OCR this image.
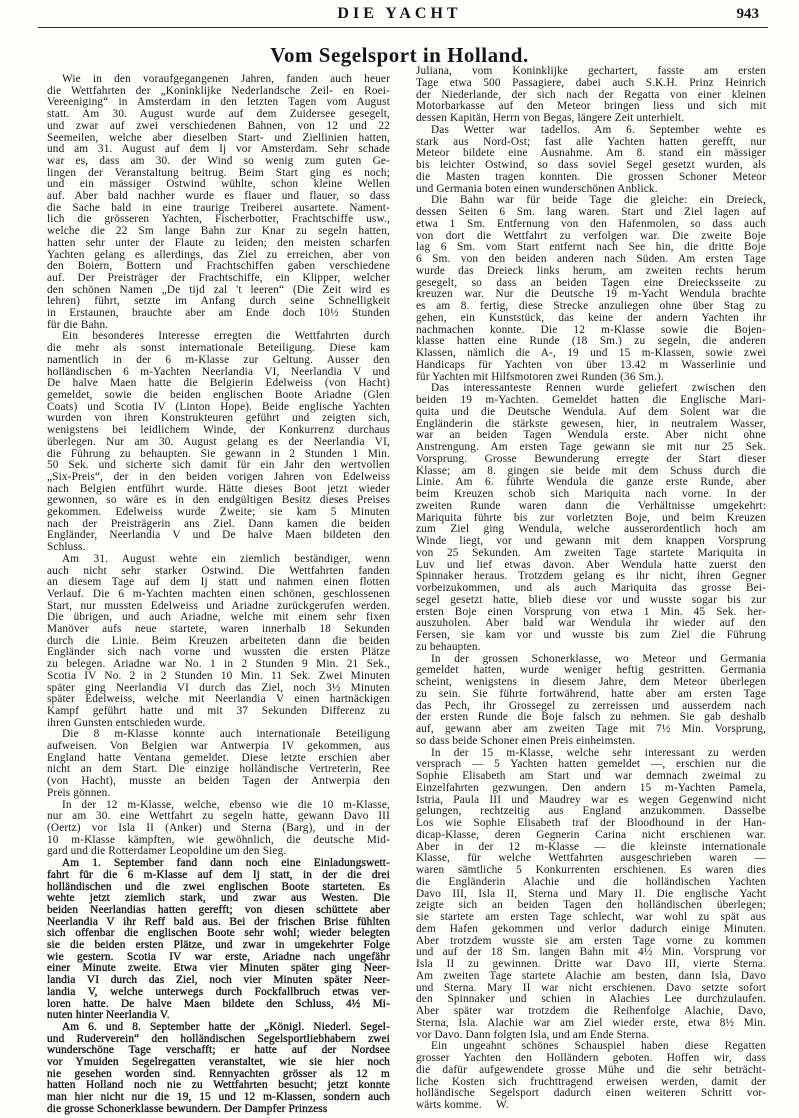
DIE YACHT	943
Vom Segelsport in Holland.
Wie in den voraufgegangenen Jahren, fanden auch heuer
die Wettfahrten der „Koninklijke Nederlandsche Zeil- en Roei-
Vereeniging“ in Amsterdam in den letzten Tagen vom August
statt. Am 30. August wurde auf dem Zuidersee gesegelt,
und zwar auf zwei verschiedenen Bahnen, von 12 und 22
Seemeilen, welche aber dieselben Start- und Ziellinien hatten,
und am 31. August auf dem Ij vor Amsterdam. Sehr schade
war es, dass am 30. der Wind so wenig zum guten Ge-
lingen der Veranstaltung beitrug. Beim Start ging es noch;
und ein mässiger Ostwind wühlte, schon kleine Wellen
auf. Aber bald nachher wurde es flauer und flauer, so dass
die Sache bald in eine traurige Treiberei ausartete. Nament-
lich die grösseren Yachten, Fischerbotter, Frachtschiffe usw.,
welche die 22 Sm lange Bahn zur Knar zu segeln hatten,
hatten sehr unter der Flaute zu leiden; den meisten scharfen
Yachten gelang es allerdings, das Ziel zu erreichen, aber von
den Boiern, Bottern und Frachtschiffen gaben verschiedene
auf. Der Preisträger der Frachtschiffe, ein Klipper, welcher
den schönen Namen „De tijd zal 't leeren“ (Die Zeit wird es
lehren) führt, setzte im Anfang durch seine Schnelligkeit
in Erstaunen, brauchte aber am Ende doch 10½ Stunden
für die Bahn.
Ein besonderes Interesse erregten die Wettfahrten durch
die mehr als sonst internationale Beteiligung. Diese kam
namentlich in der 6 m-Klasse zur Geltung. Ausser den
holländischen 6 m-Yachten Neerlandia VI, Neerlandia V und
De halve Maen hatte die Belgierin Edelweiss (von Hacht)
gemeldet, sowie die beiden englischen Boote Ariadne (Glen
Coats) und Scotia IV (Linton Hope). Beide englische Yachten
wurden von ihren Konstrukteuren geführt und zeigten sich,
wenigstens bei leidlichem Winde, der Konkurrenz durchaus
überlegen. Nur am 30. August gelang es der Neerlandia VI,
die Führung zu behaupten. Sie gewann in 2 Stunden 1 Min.
50 Sek. und sicherte sich damit für ein Jahr den wertvollen
„Six-Preis“, der in den beiden vorigen Jahren von Edelweiss
nach Belgien entführt wurde. Hätte dieses Boot jetzt wieder
gewonnen, so wäre es in den endgültigen Besitz dieses Preises
gekommen. Edelweiss wurde Zweite; sie kam 5 Minuten
nach der Preisträgerin ans Ziel. Dann kamen die beiden
Engländer, Neerlandia V und De halve Maen bildeten den
Schluss.
Am 31. August wehte ein ziemlich beständiger, wenn
auch nicht sehr starker Ostwind. Die Wettfahrten fanden
an diesem Tage auf dem Ij statt und nahmen einen flotten
Verlauf. Die 6 m-Yachten machten einen schönen, geschlossenen
Start, nur mussten Edelweiss und Ariadne zurückgerufen werden.
Die übrigen, und auch Ariadne, welche mit einem sehr fixen
Manöver aufs neue startete, waren innerhalb 18 Sekunden
durch die Linie. Beim Kreuzen arbeiteten dann die beiden
Engländer sich nach vorne und wussten die ersten Plätze
zu belegen. Ariadne war No. 1 in 2 Stunden 9 Min. 21 Sek.,
Scotia IV No. 2 in 2 Stunden 10 Min. 11 Sek. Zwei Minuten
später ging Neerlandia VI durch das Ziel, noch 3½ Minuten
später Edelweiss, welche mit Neerlandia V einen hartnäckigen
Kampf geführt hatte und mit 37 Sekunden Differenz zu
ihren Gunsten entschieden wurde.
Die 8 m-Klasse konnte auch internationale Beteiligung
aufweisen. Von Belgien war Antwerpia IV gekommen, aus
England hatte Ventana gemeldet. Diese letzte erschien aber
nicht an dem Start. Die einzige holländische Vertreterin, Ree
(von Hacht), musste an beiden Tagen der Antwerpia den
Preis gönnen.
In der 12 m-Klasse, welche, ebenso wie die 10 m-Klasse,
nur am 30. eine Wettfahrt zu segeln hatte, gewann Davo III
(Oertz) vor Isla II (Anker) und Sterna (Barg), und in der
10 m-Klasse kämpften, wie gewöhnlich, die deutsche Mid-
gard und die Rotterdamer Leopoldine um den Sieg.
Am 1. September fand dann noch eine Einladungswett-
fahrt für die 6 m-Klasse auf dem Ij statt, in der die drei
holländischen und die zwei englischen Boote starteten. Es
wehte jetzt ziemlich stark, und zwar aus Westen. Die
beiden Neerlandias hatten gerefft; von diesen schüttete aber
Neerlandia V ihr Reff bald aus. Bei der frischen Brise fühlten
sich offenbar die englischen Boote sehr wohl; wieder belegten
sie die beiden ersten Plätze, und zwar in umgekehrter Folge
wie gestern. Scotia IV war erste, Ariadne nach ungefähr
einer Minute zweite. Etwa vier Minuten später ging Neer-
landia VI durch das Ziel, noch vier Minuten später Neer-
landia V, welche unterwegs durch Fockfallbruch etwas ver-
loren hatte. De halve Maen bildete den Schluss, 4½ Mi-
nuten hinter Neerlandia V.
Am 6. und 8. September hatte der „Königl. Niederl. Segel-
und Ruderverein“ den holländischen Segelsportliebhabern zwei
wunderschöne Tage verschafft; er hatte auf der Nordsee
vor Ymuiden Segelregatten veranstaltet, wie sie hier noch
nie gesehen worden sind. Rennyachten grösser als 12 m
hatten Holland noch nie zu Wettfahrten besucht; jetzt konnte
man hier nicht nur die 19, 15 und 12 m-Klassen, sondern auch
die grosse Schonerklasse bewundern. Der Dampfer Prinzess	W.
Juliana, vom Koninklijke gechartert, fasste am ersten
Tage etwa 500 Passagiere, dabei auch S.K.H. Prinz Heinrich
der Niederlande, der sich nach der Regatta von einer kleinen
Motorbarkasse auf den Meteor bringen liess und sich mit
dessen Kapitän, Herrn von Begas, längere Zeit unterhielt.
Das Wetter war tadellos. Am 6. September wehte es
stark aus Nord-Ost; fast alle Yachten hatten gerefft, nur
Meteor bildete eine Ausnahme. Am 8. stand ein mässiger
bis leichter Ostwind, so dass soviel Segel gesetzt wurden, als
die Masten tragen konnten. Die grossen Schoner Meteor
und Germania boten einen wunderschönen Anblick.
Die Bahn war für beide Tage die gleiche: ein Dreieck,
dessen Seiten 6 Sm. lang waren. Start und Ziel lagen auf
etwa 1 Sm. Entfernung von den Hafenmolen, so dass auch
von dort die Wettfahrt zu verfolgen war. Die zweite Boje
lag 6 Sm. vom Start entfernt nach See hin, die dritte Boje
6 Sm. von den beiden anderen nach Süden. Am ersten Tage
wurde das Dreieck links herum, am zweiten rechts herum
gesegelt, so dass an beiden Tagen eine Dreiecksseite zu
kreuzen war. Nur die Deutsche 19 m-Yacht Wendula brachte
es am 8. fertig, diese Strecke anzuliegen ohne über Stag zu
gehen, ein Kunststück, das keine der andern Yachten ihr
nachmachen konnte. Die 12 m-Klasse sowie die Bojen-
klasse hatten eine Runde (18 Sm.) zu segeln, die anderen
Klassen, nämlich die A-, 19 und 15 m-Klassen, sowie zwei
Handicaps für Yachten von über 13.42 m Wasserlinie und
für Yachten mit Hilfsmotoren zwei Runden (36 Sm.).
Das interessanteste Rennen wurde geliefert zwischen den
beiden 19 m-Yachten. Gemeldet hatten die Englische Mari-
quita und die Deutsche Wendula. Auf dem Solent war die
Engländerin die stärkste gewesen, hier, in neutralem Wasser,
war an beiden Tagen Wendula erste. Aber nicht ohne
Anstrengung. Am ersten Tage gewann sie mit nur 25 Sek.
Vorsprung. Grosse Bewunderung erregte der Start dieser
Klasse; am 8. gingen sie beide mit dem Schuss durch die
Linie. Am 6. führte Wendula die ganze erste Runde, aber
beim Kreuzen schob sich Mariquita nach vorne. In der
zweiten Runde waren dann die Verhältnisse umgekehrt:
Mariquita führte bis zur vorletzten Boje, und beim Kreuzen
zum Ziel ging Wendula, welche ausserordentlich hoch am
Winde liegt, vor und gewann mit dem knappen Vorsprung
von 25 Sekunden. Am zweiten Tage startete Mariquita in
Luv und lief etwas davon. Aber Wendula hatte zuerst den
Spinnaker heraus. Trotzdem gelang es ihr nicht, ihren Gegner
vorbeizukommen, und als auch Mariquita das grosse Bei-
segel gesetzt hatte, blieb diese vor und wusste sogar bis zur
ersten Boje einen Vorsprung von etwa 1 Min. 45 Sek. her-
auszuholen. Aber bald war Wendula ihr wieder auf den
Fersen, sie kam vor und wusste bis zum Ziel die Führung
zu behaupten.
In der grossen Schonerklasse, wo Meteor und Germania
gemeldet hatten, wurde weniger heftig gestritten. Germania
scheint, wenigstens in diesem Jahre, dem Meteor überlegen
zu sein. Sie führte fortwährend, hatte aber am ersten Tage
das Pech, ihr Grossegel zu zerreissen und ausserdem nach
der ersten Runde die Boje falsch zu nehmen. Sie gab deshalb
auf, gewann aber am zweiten Tage mit 7½ Min. Vorsprung,
so dass beide Schoner einen Preis einheimsten.
In der 15 m-Klasse, welche sehr interessant zu werden
versprach — 5 Yachten hatten gemeldet —, erschien nur die
Sophie Elisabeth am Start und war demnach zweimal zu
Einzelfahrten gezwungen. Den andern 15 m-Yachten Pamela,
Istria, Paula III und Maudrey war es wegen Gegenwind nicht
gelungen, rechtzeitig aus England anzukommen. Dasselbe
Los wie Sophie Elisabeth traf der Bloodhound in der Han-
dicap-Klasse, deren Gegnerin Carina nicht erschienen war.
Aber in der 12 m-Klasse — die kleinste internationale
Klasse, für welche Wettfahrten ausgeschrieben waren —
waren sämtliche 5 Konkurrenten erschienen. Es waren dies
die Engländerin Alachie und die holländischen Yachten
Davo III, Isla II, Sterna und Mary II. Die englische Yacht
zeigte sich an beiden Tagen den holländischen überlegen;
sie startete am ersten Tage schlecht, war wohl zu spät aus
dem Hafen gekommen und verlor dadurch einige Minuten.
Aber trotzdem wusste sie am ersten Tage vorne zu kommen
und auf der 18 Sm. langen Bahn mit 4½ Min. Vorsprung vor
Isla II zu gewinnen. Dritte war Davo III, vierte Sterna.
Am zweiten Tage startete Alachie am besten, dann Isla, Davo
und Sterna. Mary II war nicht erschienen. Davo setzte sofort
den Spinnaker und schien in Alachies Lee durchzulaufen.
Aber später war trotzdem die Reihenfolge Alachie, Davo,
Sterna, Isla. Alachie war am Ziel wieder erste, etwa 8½ Min.
vor Davo. Dann folgten Isla, und am Ende Sterna.
Ein ungeahnt schönes Schauspiel haben diese Regatten
grosser Yachten den Holländern geboten. Hoffen wir, dass
die dafür aufgewendete grosse Mühe und die sehr beträcht-
liche Kosten sich fruchttragend erweisen werden, damit der
holländische Segelsport dadurch einen weiteren Schritt vor-
wärts komme.
